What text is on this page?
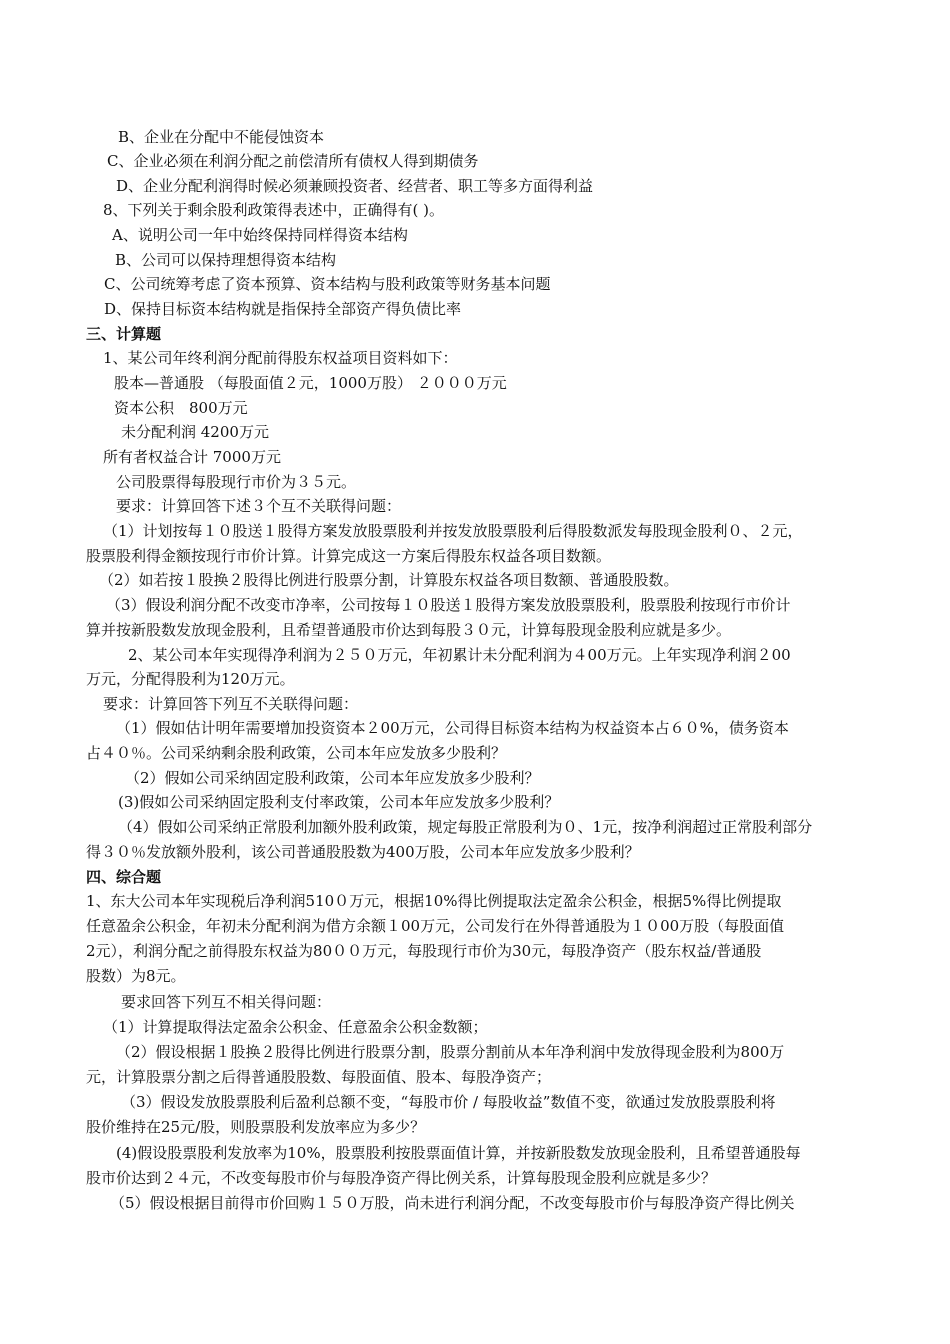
B、企业在分配中不能侵蚀资本
C、企业必须在利润分配之前偿清所有债权人得到期债务
D、企业分配利润得时候必须兼顾投资者、经营者、职工等多方面得利益
8、下列关于剩余股利政策得表述中，正确得有( )。
A、说明公司一年中始终保持同样得资本结构
B、公司可以保持理想得资本结构
C、公司统筹考虑了资本预算、资本结构与股利政策等财务基本问题
D、保持目标资本结构就是指保持全部资产得负债比率
三、计算题
1、某公司年终利润分配前得股东权益项目资料如下：
股本—普通股 （每股面值２元，1000万股） ２０００万元
资本公积　800万元
未分配利润 4200万元
所有者权益合计 7000万元
公司股票得每股现行市价为３５元。
要求：计算回答下述３个互不关联得问题：
（1）计划按每１０股送１股得方案发放股票股利并按发放股票股利后得股数派发每股现金股利０、２元，
股票股利得金额按现行市价计算。计算完成这一方案后得股东权益各项目数额。
（2）如若按１股换２股得比例进行股票分割，计算股东权益各项目数额、普通股股数。
（3）假设利润分配不改变市净率，公司按每１０股送１股得方案发放股票股利，股票股利按现行市价计
算并按新股数发放现金股利，且希望普通股市价达到每股３０元，计算每股现金股利应就是多少。
2、某公司本年实现得净利润为２５０万元，年初累计未分配利润为４00万元。上年实现净利润２00
万元，分配得股利为120万元。
要求：计算回答下列互不关联得问题：
（1）假如估计明年需要增加投资资本２00万元，公司得目标资本结构为权益资本占６０%，债务资本
占４０％。公司采纳剩余股利政策，公司本年应发放多少股利？
（2）假如公司采纳固定股利政策，公司本年应发放多少股利？
(3)假如公司采纳固定股利支付率政策，公司本年应发放多少股利？
（4）假如公司采纳正常股利加额外股利政策，规定每股正常股利为０、1元，按净利润超过正常股利部分
得３０％发放额外股利，该公司普通股股数为400万股，公司本年应发放多少股利？
四、综合题
1、东大公司本年实现税后净利润510０万元，根据10%得比例提取法定盈余公积金，根据5%得比例提取
任意盈余公积金，年初未分配利润为借方余额１00万元，公司发行在外得普通股为１０00万股（每股面值
2元），利润分配之前得股东权益为80００万元，每股现行市价为30元，每股净资产（股东权益/普通股
股数）为8元。
要求回答下列互不相关得问题：
（1）计算提取得法定盈余公积金、任意盈余公积金数额；
（2）假设根据１股换２股得比例进行股票分割，股票分割前从本年净利润中发放得现金股利为800万
元，计算股票分割之后得普通股股数、每股面值、股本、每股净资产；
（3）假设发放股票股利后盈利总额不变，“每股市价 / 每股收益”数值不变，欲通过发放股票股利将
股价维持在25元/股，则股票股利发放率应为多少？
(4)假设股票股利发放率为10%，股票股利按股票面值计算，并按新股数发放现金股利，且希望普通股每
股市价达到２４元，不改变每股市价与每股净资产得比例关系，计算每股现金股利应就是多少？
（5）假设根据目前得市价回购１５０万股，尚未进行利润分配，不改变每股市价与每股净资产得比例关
